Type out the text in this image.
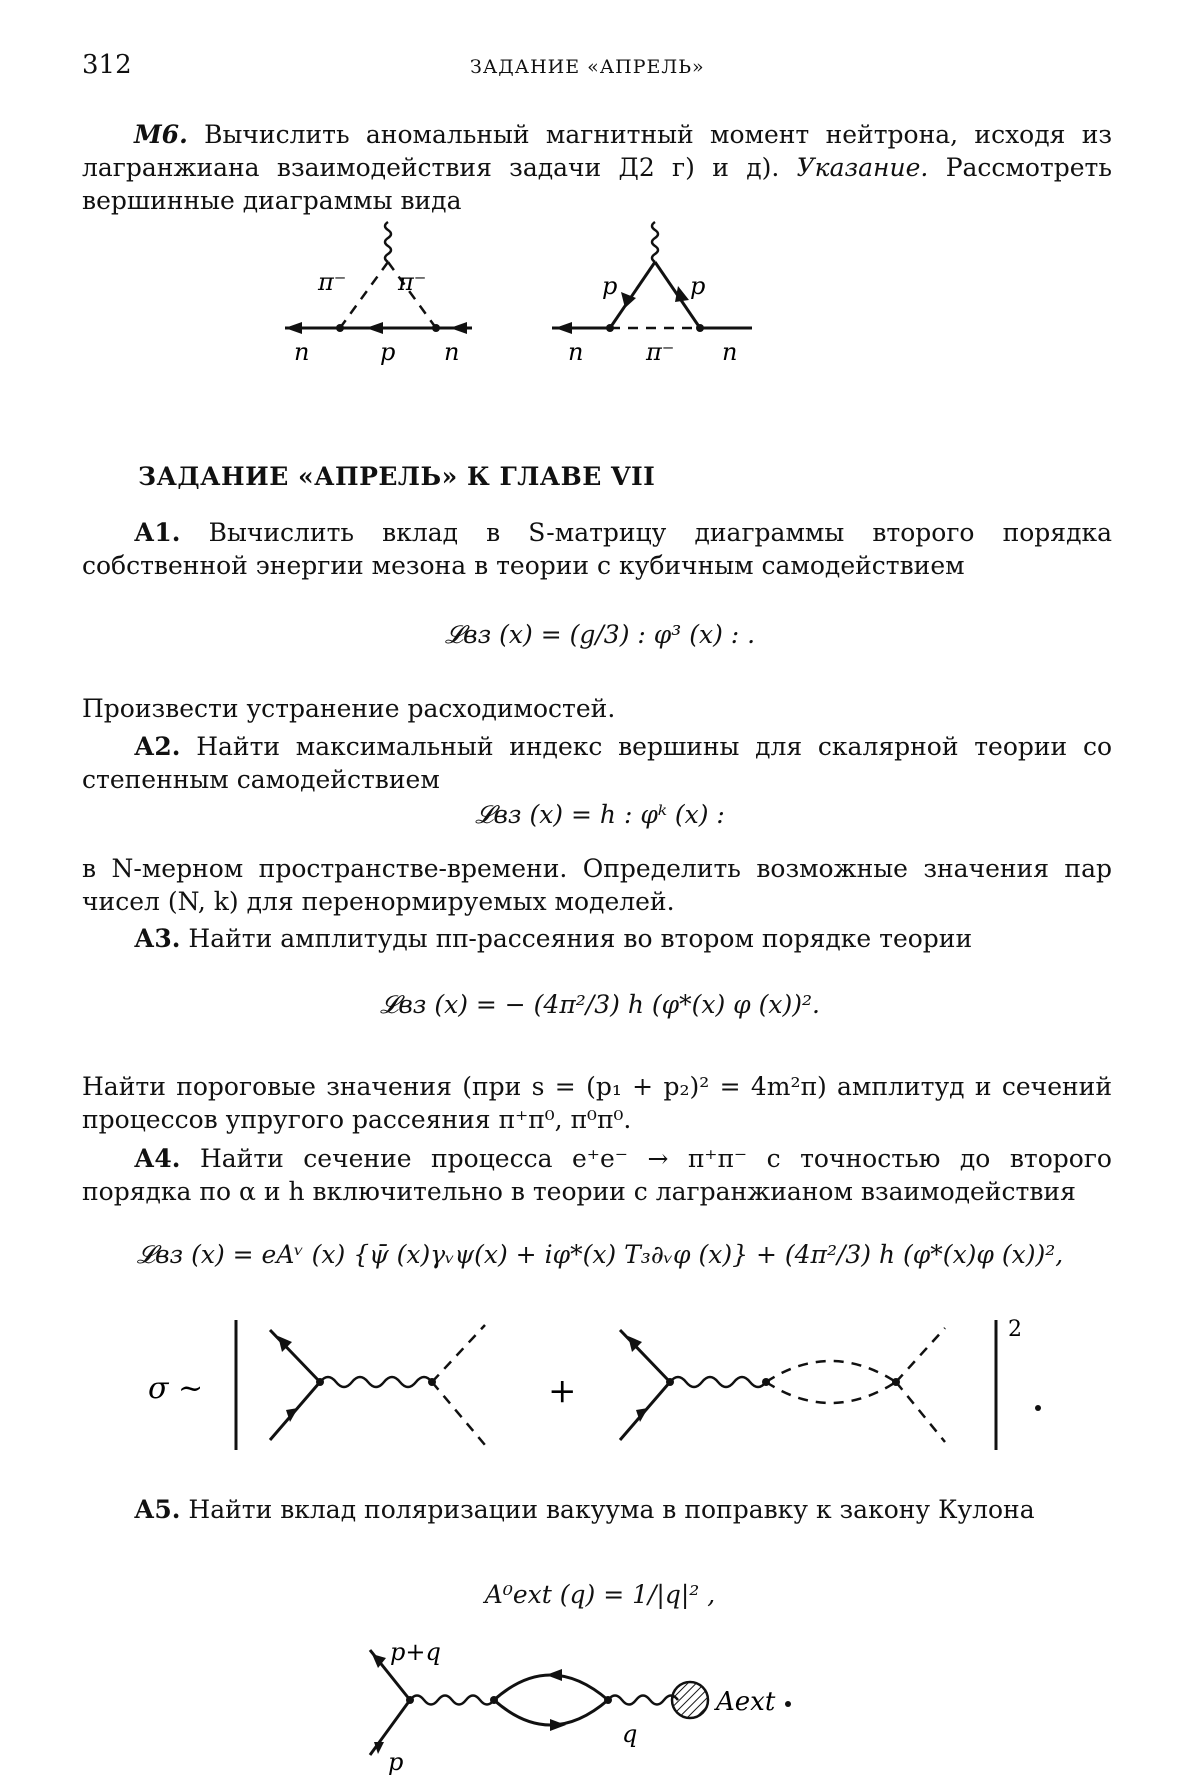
312	ЗАДАНИЕ «АПРЕЛЬ»
М6. Вычислить аномальный магнитный момент нейтрона, исходя из лагранжиана взаимодействия задачи Д2 г) и д). Указание. Рассмотреть вершинные диаграммы вида
π⁻ π⁻
n	p n
p	p
n	π⁻ n
ЗАДАНИЕ «АПРЕЛЬ» К ГЛАВЕ VII
А1. Вычислить вклад в S-матрицу диаграммы второго порядка собственной энергии мезона в теории с кубичным самодействием
𝓛вз (x) = (g/3) : φ³ (x) : .
Произвести устранение расходимостей.
А2. Найти максимальный индекс вершины для скалярной теории со степенным самодействием
𝓛вз (x) = h : φᵏ (x) :
в N-мерном пространстве-времени. Определить возможные значения пар чисел (N, k) для перенормируемых моделей.
А3. Найти амплитуды ππ-рассеяния во втором порядке теории
𝓛вз (x) = − (4π²/3) h (φ*(x) φ (x))².
Найти пороговые значения (при s = (p₁ + p₂)² = 4m²π) амплитуд и сечений процессов упругого рассеяния π⁺π⁰, π⁰π⁰.
А4. Найти сечение процесса e⁺e⁻ → π⁺π⁻ с точностью до второго порядка по α и h включительно в теории с лагранжианом взаимодействия
𝓛вз (x) = eAᵛ (x) {ψ̄ (x)γᵥψ(x) + iφ*(x) T₃∂ᵥφ (x)} + (4π²/3) h (φ*(x)φ (x))²,
σ ~	+
2
А5. Найти вклад поляризации вакуума в поправку к закону Кулона
A⁰ext (q) = 1/|q|² ,
p+q
p
q
Aext
